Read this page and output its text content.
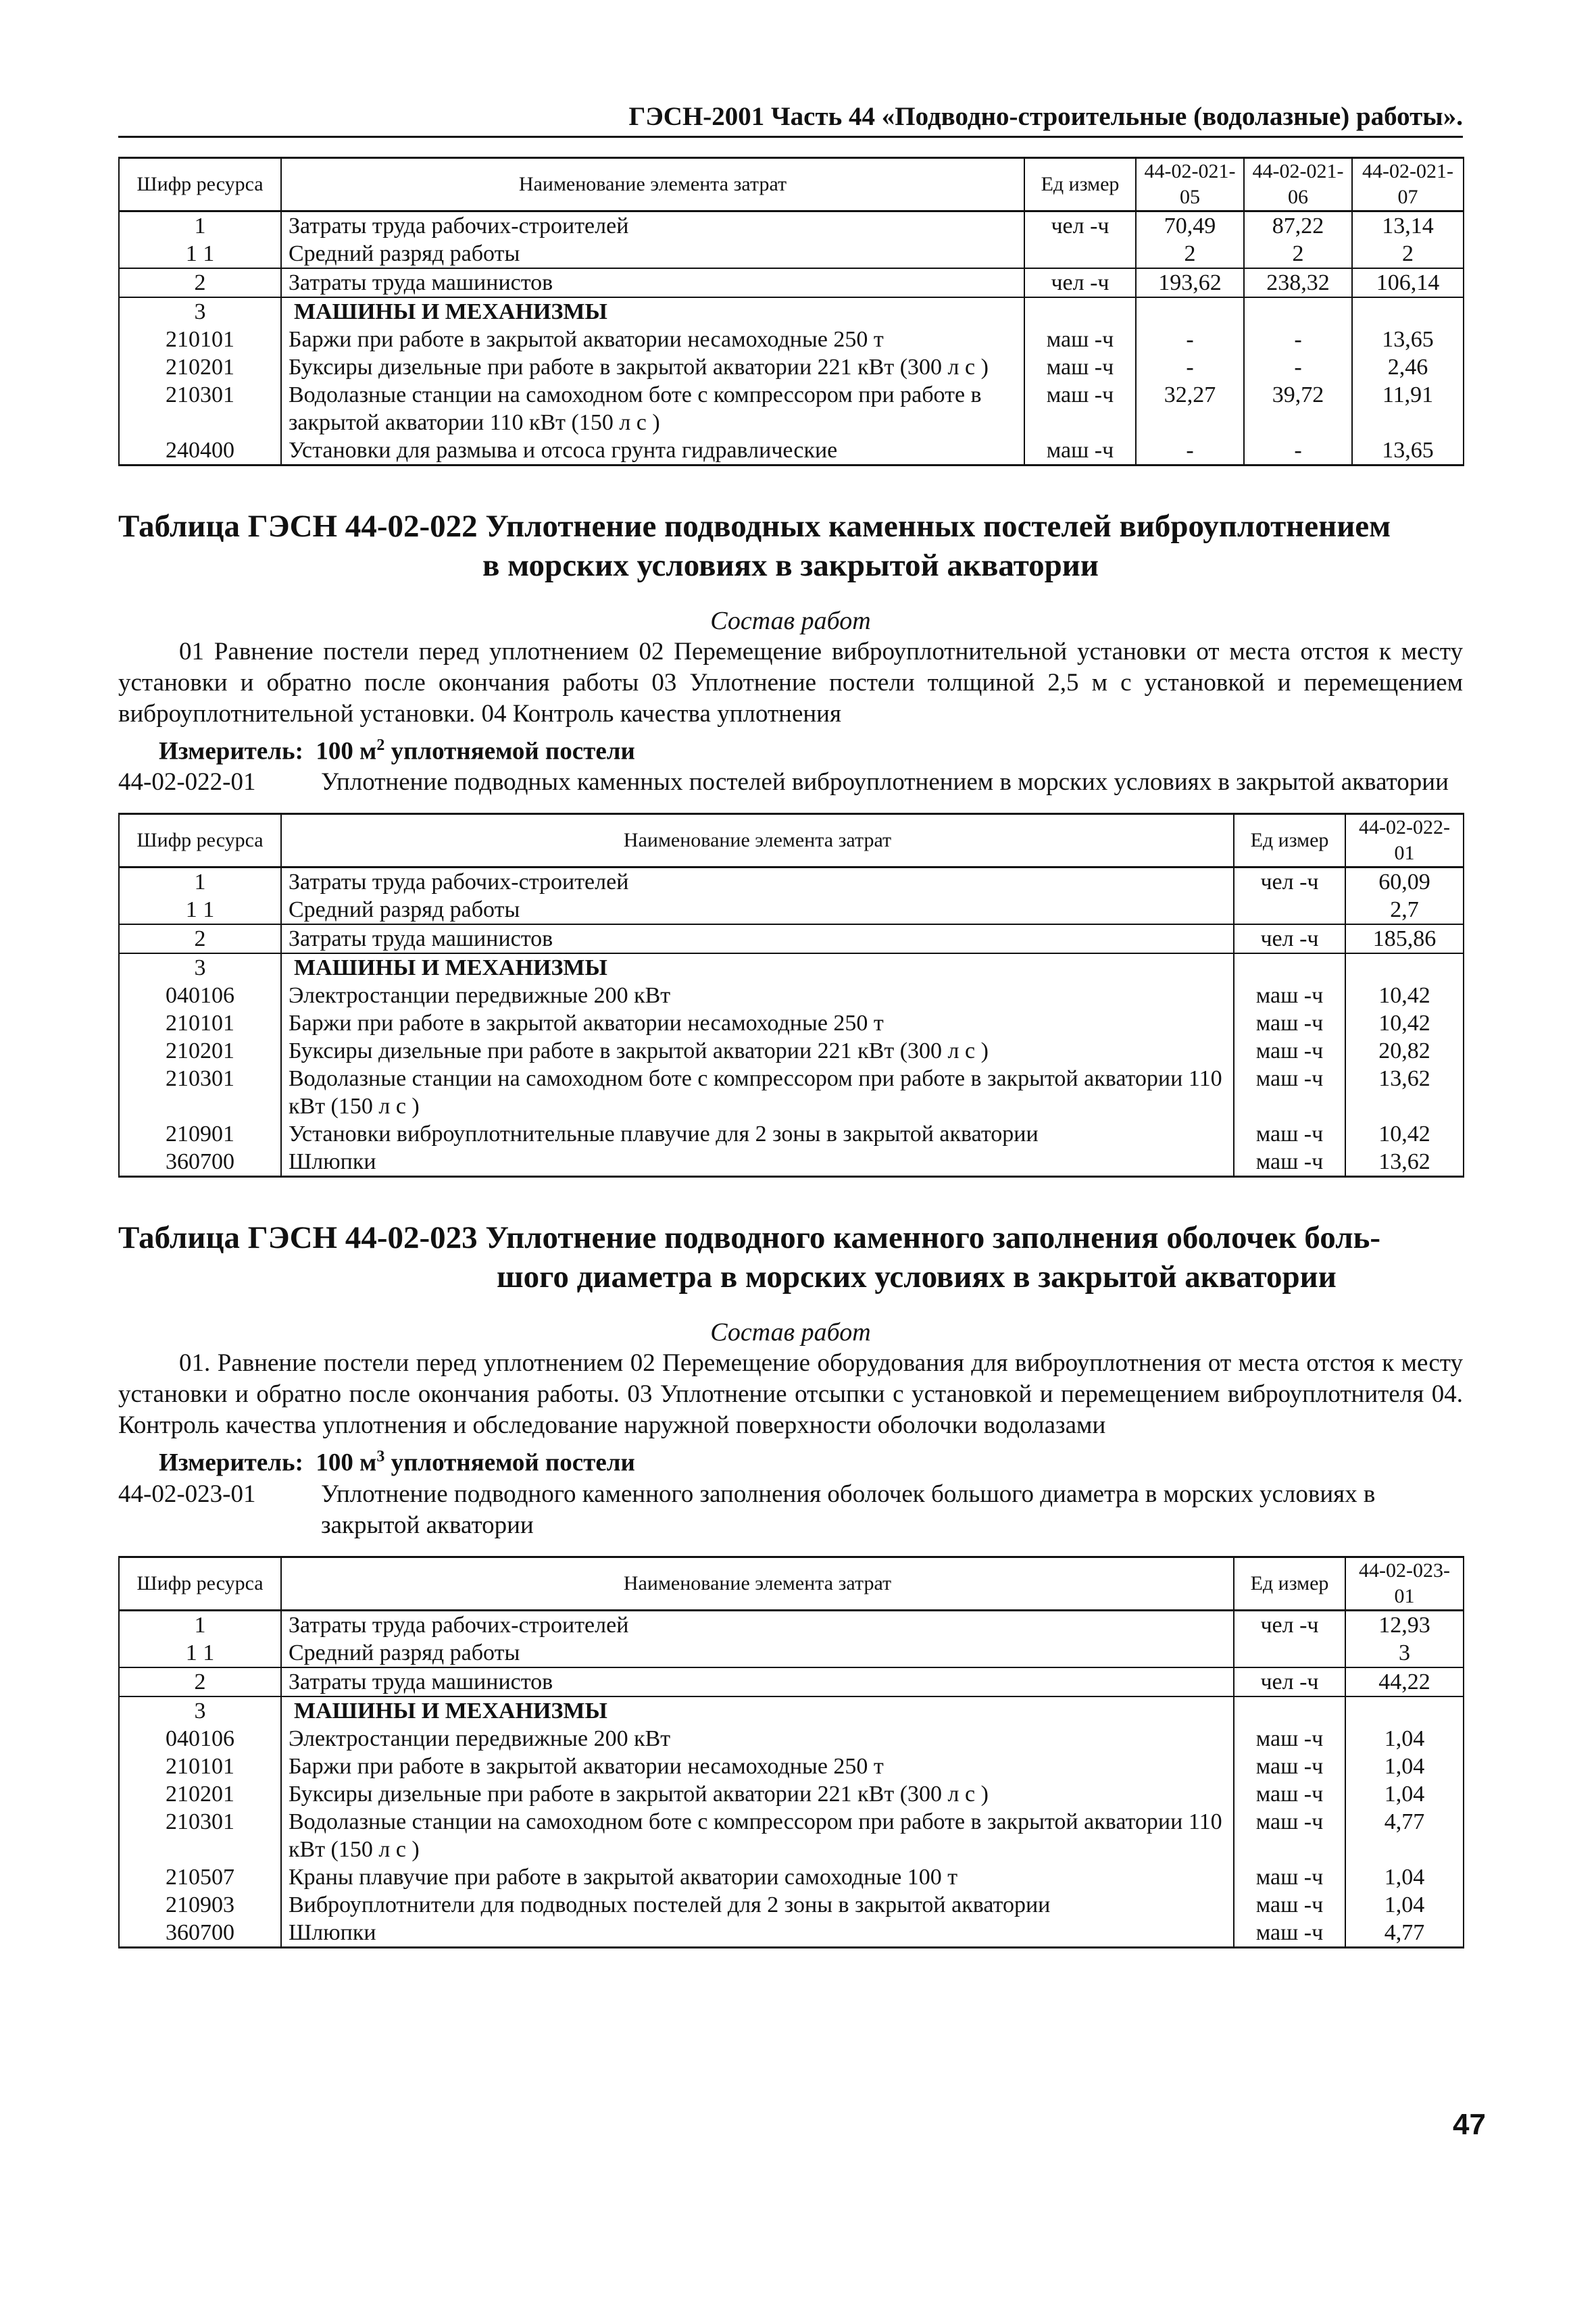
ГЭСН-2001 Часть 44 «Подводно-строительные (водолазные) работы».
Шифр ресурса	Наименование элемента затрат	Ед измер	44-02-021-05	44-02-021-06	44-02-021-07
1	Затраты труда рабочих-строителей	чел -ч	70,49	87,22	13,14
1 1	Средний разряд работы		2	2	2
2	Затраты труда машинистов	чел -ч	193,62	238,32	106,14
3	МАШИНЫ И МЕХАНИЗМЫ				
210101	Баржи при работе в закрытой акватории несамоходные 250 т	маш -ч	-	-	13,65
210201	Буксиры дизельные при работе в закрытой акватории 221 кВт (300 л с )	маш -ч	-	-	2,46
210301	Водолазные станции на самоходном боте с компрессором при работе в закрытой акватории 110 кВт (150 л с )	маш -ч	32,27	39,72	11,91
240400	Установки для размыва и отсоса грунта гидравлические	маш -ч	-	-	13,65
Таблица ГЭСН 44-02-022 Уплотнение подводных каменных постелей виброуплотнением
в морских условиях в закрытой акватории
Состав работ
01 Равнение постели перед уплотнением 02 Перемещение виброуплотнительной установки от места отстоя к месту установки и обратно после окончания работы 03 Уплотнение постели толщиной 2,5 м с установкой и перемещением виброуплотнительной установки. 04 Контроль качества уплотнения
Измеритель: 100 $м^2$ уплотняемой постели
44-02-022-01	Уплотнение подводных каменных постелей виброуплотнением в морских условиях в закрытой акватории
Шифр ресурса	Наименование элемента затрат	Ед измер	44-02-022-01
1	Затраты труда рабочих-строителей	чел -ч	60,09
1 1	Средний разряд работы		2,7
2	Затраты труда машинистов	чел -ч	185,86
3	МАШИНЫ И МЕХАНИЗМЫ		
040106	Электростанции передвижные 200 кВт	маш -ч	10,42
210101	Баржи при работе в закрытой акватории несамоходные 250 т	маш -ч	10,42
210201	Буксиры дизельные при работе в закрытой акватории 221 кВт (300 л с )	маш -ч	20,82
210301	Водолазные станции на самоходном боте с компрессором при работе в закрытой акватории 110 кВт (150 л с )	маш -ч	13,62
210901	Установки виброуплотнительные плавучие для 2 зоны в закрытой акватории	маш -ч	10,42
360700	Шлюпки	маш -ч	13,62
Таблица ГЭСН 44-02-023 Уплотнение подводного каменного заполнения оболочек боль-
шого диаметра в морских условиях в закрытой акватории
Состав работ
01. Равнение постели перед уплотнением 02 Перемещение оборудования для виброуплотнения от места отстоя к месту установки и обратно после окончания работы. 03 Уплотнение отсыпки с установкой и перемещением виброуплотнителя 04. Контроль качества уплотнения и обследование наружной поверхности оболочки водолазами
Измеритель: 100 $м^3$ уплотняемой постели
44-02-023-01	Уплотнение подводного каменного заполнения оболочек большого диаметра в морских условиях в закрытой акватории
Шифр ресурса	Наименование элемента затрат	Ед измер	44-02-023-01
1	Затраты труда рабочих-строителей	чел -ч	12,93
1 1	Средний разряд работы		3
2	Затраты труда машинистов	чел -ч	44,22
3	МАШИНЫ И МЕХАНИЗМЫ		
040106	Электростанции передвижные 200 кВт	маш -ч	1,04
210101	Баржи при работе в закрытой акватории несамоходные 250 т	маш -ч	1,04
210201	Буксиры дизельные при работе в закрытой акватории 221 кВт (300 л с )	маш -ч	1,04
210301	Водолазные станции на самоходном боте с компрессором при работе в закрытой акватории 110 кВт (150 л с )	маш -ч	4,77
210507	Краны плавучие при работе в закрытой акватории самоходные 100 т	маш -ч	1,04
210903	Виброуплотнители для подводных постелей для 2 зоны в закрытой акватории	маш -ч	1,04
360700	Шлюпки	маш -ч	4,77
47
